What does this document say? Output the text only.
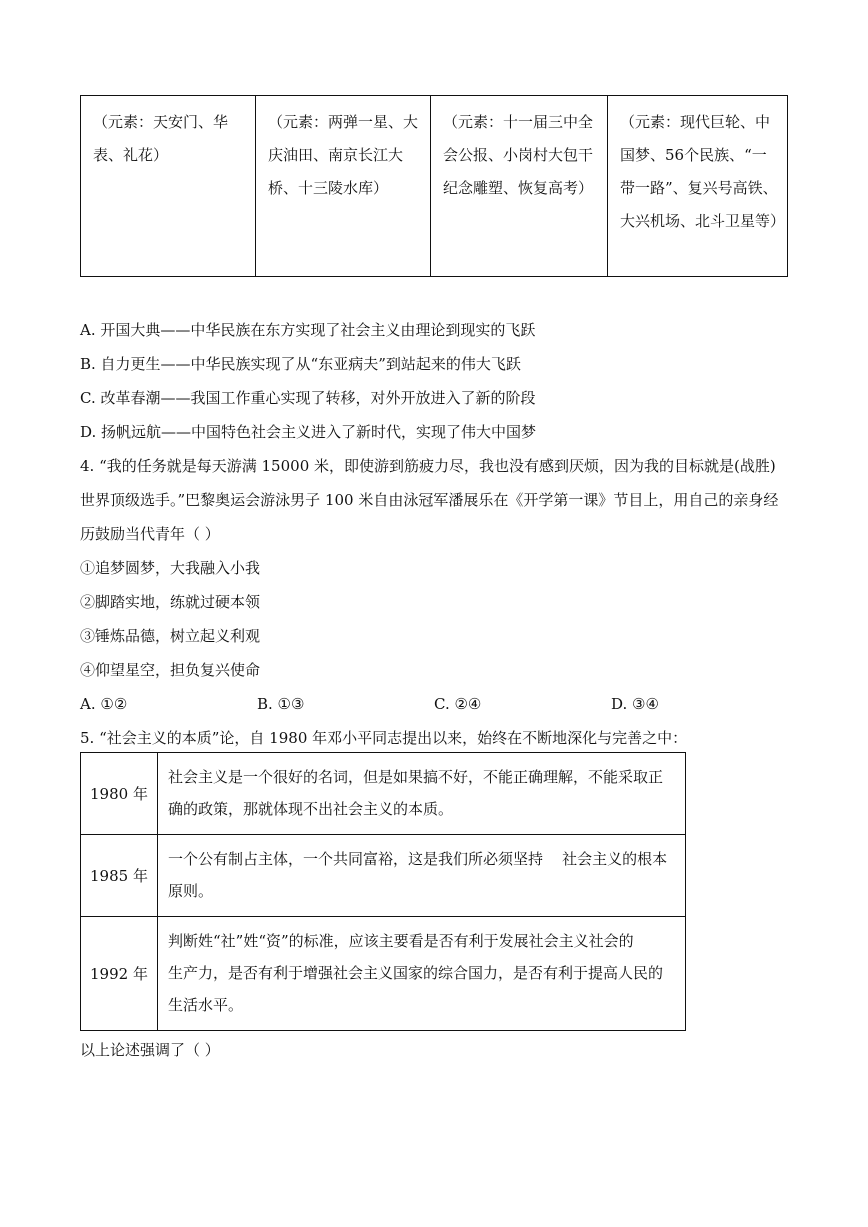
（元素：天安门、华表、礼花）	（元素：两弹一星、大庆油田、南京长江大桥、十三陵水库）	（元素：十一届三中全会公报、小岗村大包干纪念雕塑、恢复高考）	（元素：现代巨轮、中国梦、56个民族、“一带一路”、复兴号高铁、大兴机场、北斗卫星等）
A. 开国大典——中华民族在东方实现了社会主义由理论到现实的飞跃
B. 自力更生——中华民族实现了从“东亚病夫”到站起来的伟大飞跃
C. 改革春潮——我国工作重心实现了转移，对外开放进入了新的阶段
D. 扬帆远航——中国特色社会主义进入了新时代，实现了伟大中国梦
4. “我的任务就是每天游满 15000 米，即使游到筋疲力尽，我也没有感到厌烦，因为我的目标就是(战胜)
世界顶级选手。”巴黎奥运会游泳男子 100 米自由泳冠军潘展乐在《开学第一课》节目上，用自己的亲身经
历鼓励当代青年（ ）
①追梦圆梦，大我融入小我
②脚踏实地，练就过硬本领
③锤炼品德，树立起义利观
④仰望星空，担负复兴使命
A. ①②	B. ①③	C. ②④	D. ③④
5. “社会主义的本质”论，自 1980 年邓小平同志提出以来，始终在不断地深化与完善之中：
1980 年	社会主义是一个很好的名词，但是如果搞不好，不能正确理解，不能采取正
确的政策，那就体现不出社会主义的本质。

1985 年	一个公有制占主体，一个共同富裕，这是我们所必须坚持    社会主义的根本
原则。

1992 年	判断姓“社”姓“资”的标准，应该主要看是否有利于发展社会主义社会的
生产力，是否有利于增强社会主义国家的综合国力，是否有利于提高人民的
生活水平。
以上论述强调了（ ）
